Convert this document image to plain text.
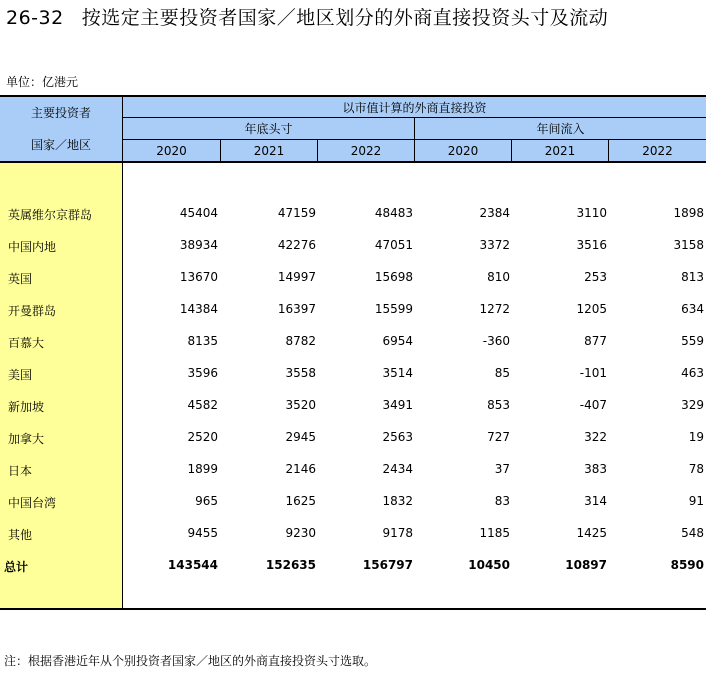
26-32 按选定主要投资者国家／地区划分的外商直接投资头寸及流动
单位：亿港元
主要投资者
国家／地区
以市值计算的外商直接投资
年底头寸	年间流入
2020	2021	2022	2020	2021	2022
英属维尔京群岛	45404	47159	48483	2384	3110	1898
中国内地	38934	42276	47051	3372	3516	3158
英国	13670	14997	15698	810	253	813
开曼群岛	14384	16397	15599	1272	1205	634
百慕大	8135	8782	6954	-360	877	559
美国	3596	3558	3514	85	-101	463
新加坡	4582	3520	3491	853	-407	329
加拿大	2520	2945	2563	727	322	19
日本	1899	2146	2434	37	383	78
中国台湾	965	1625	1832	83	314	91
其他	9455	9230	9178	1185	1425	548
总计	143544	152635	156797	10450	10897	8590
注：根据香港近年从个别投资者国家／地区的外商直接投资头寸选取。
